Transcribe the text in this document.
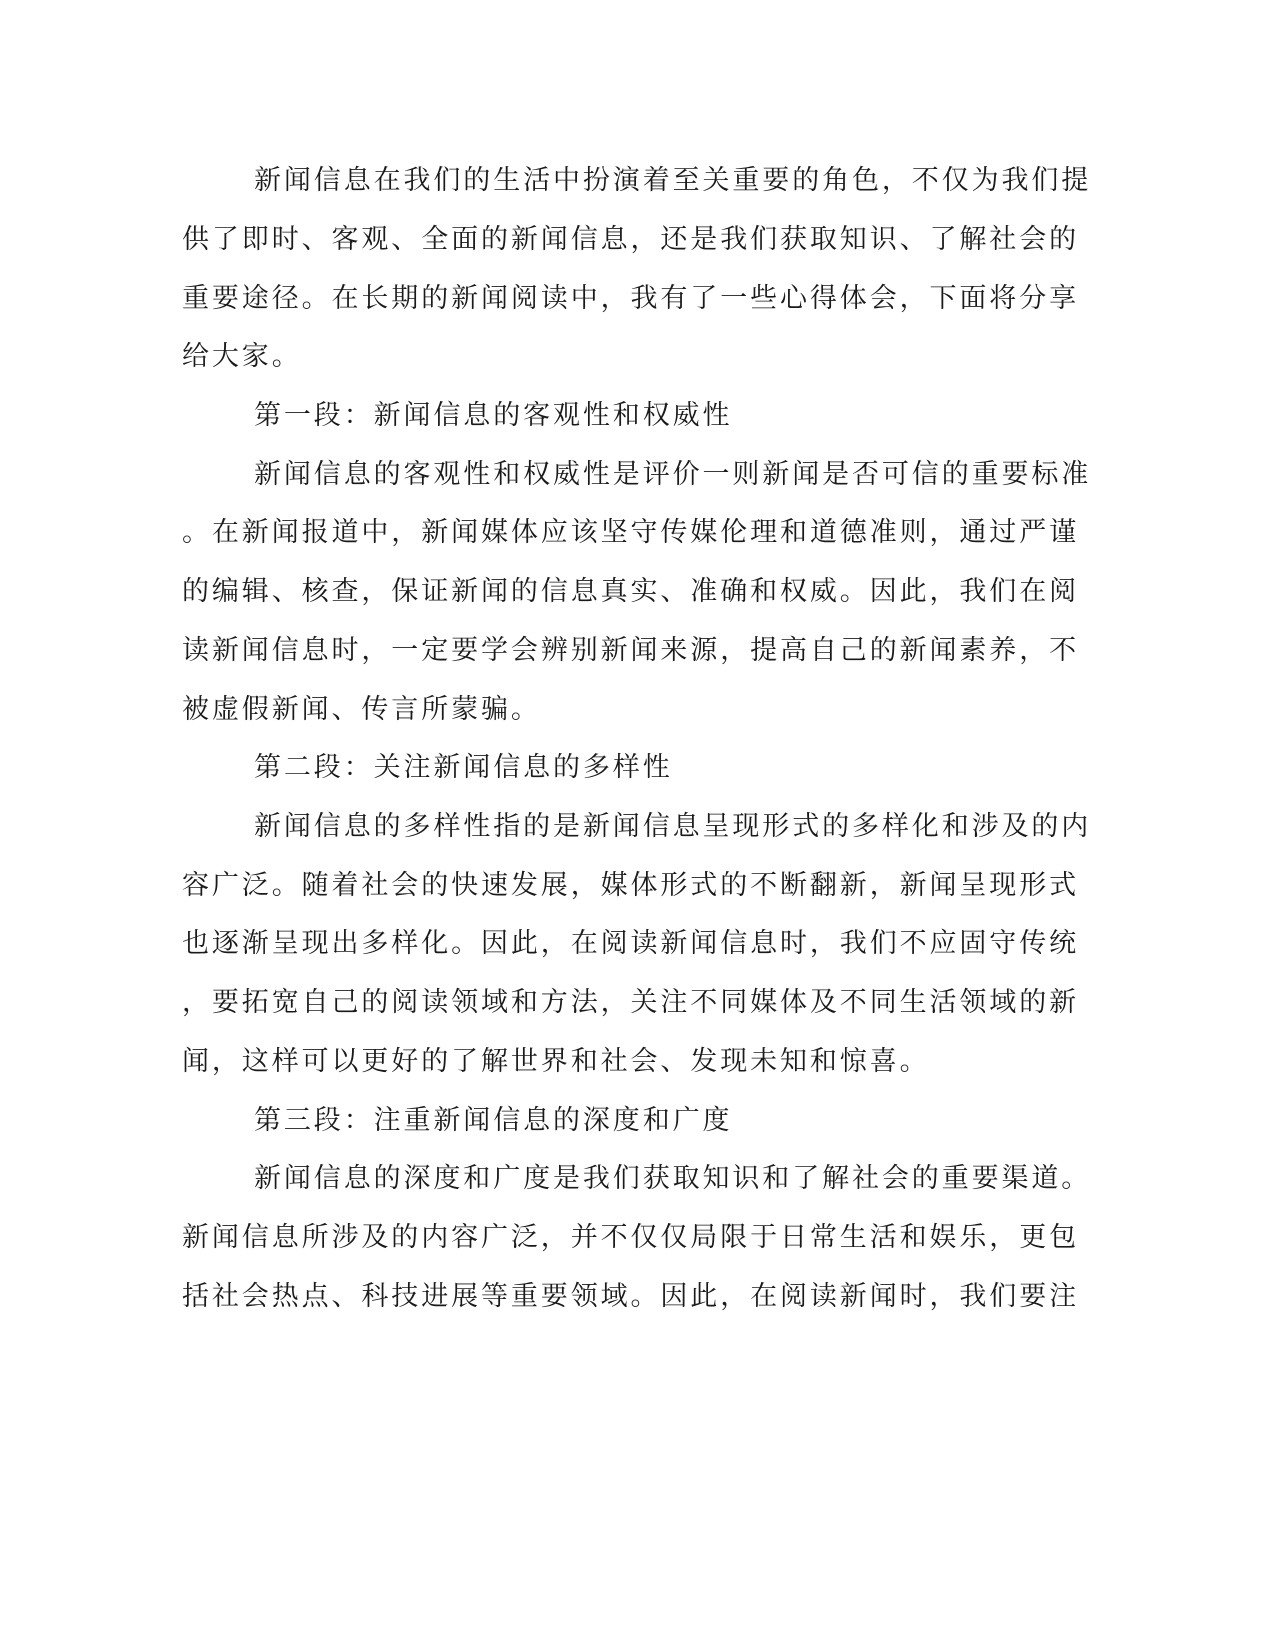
新闻信息在我们的生活中扮演着至关重要的角色，不仅为我们提
供了即时、客观、全面的新闻信息，还是我们获取知识、了解社会的
重要途径。在长期的新闻阅读中，我有了一些心得体会，下面将分享
给大家。
第一段：新闻信息的客观性和权威性
新闻信息的客观性和权威性是评价一则新闻是否可信的重要标准
。在新闻报道中，新闻媒体应该坚守传媒伦理和道德准则，通过严谨
的编辑、核查，保证新闻的信息真实、准确和权威。因此，我们在阅
读新闻信息时，一定要学会辨别新闻来源，提高自己的新闻素养，不
被虚假新闻、传言所蒙骗。
第二段：关注新闻信息的多样性
新闻信息的多样性指的是新闻信息呈现形式的多样化和涉及的内
容广泛。随着社会的快速发展，媒体形式的不断翻新，新闻呈现形式
也逐渐呈现出多样化。因此，在阅读新闻信息时，我们不应固守传统
，要拓宽自己的阅读领域和方法，关注不同媒体及不同生活领域的新
闻，这样可以更好的了解世界和社会、发现未知和惊喜。
第三段：注重新闻信息的深度和广度
新闻信息的深度和广度是我们获取知识和了解社会的重要渠道。
新闻信息所涉及的内容广泛，并不仅仅局限于日常生活和娱乐，更包
括社会热点、科技进展等重要领域。因此，在阅读新闻时，我们要注
